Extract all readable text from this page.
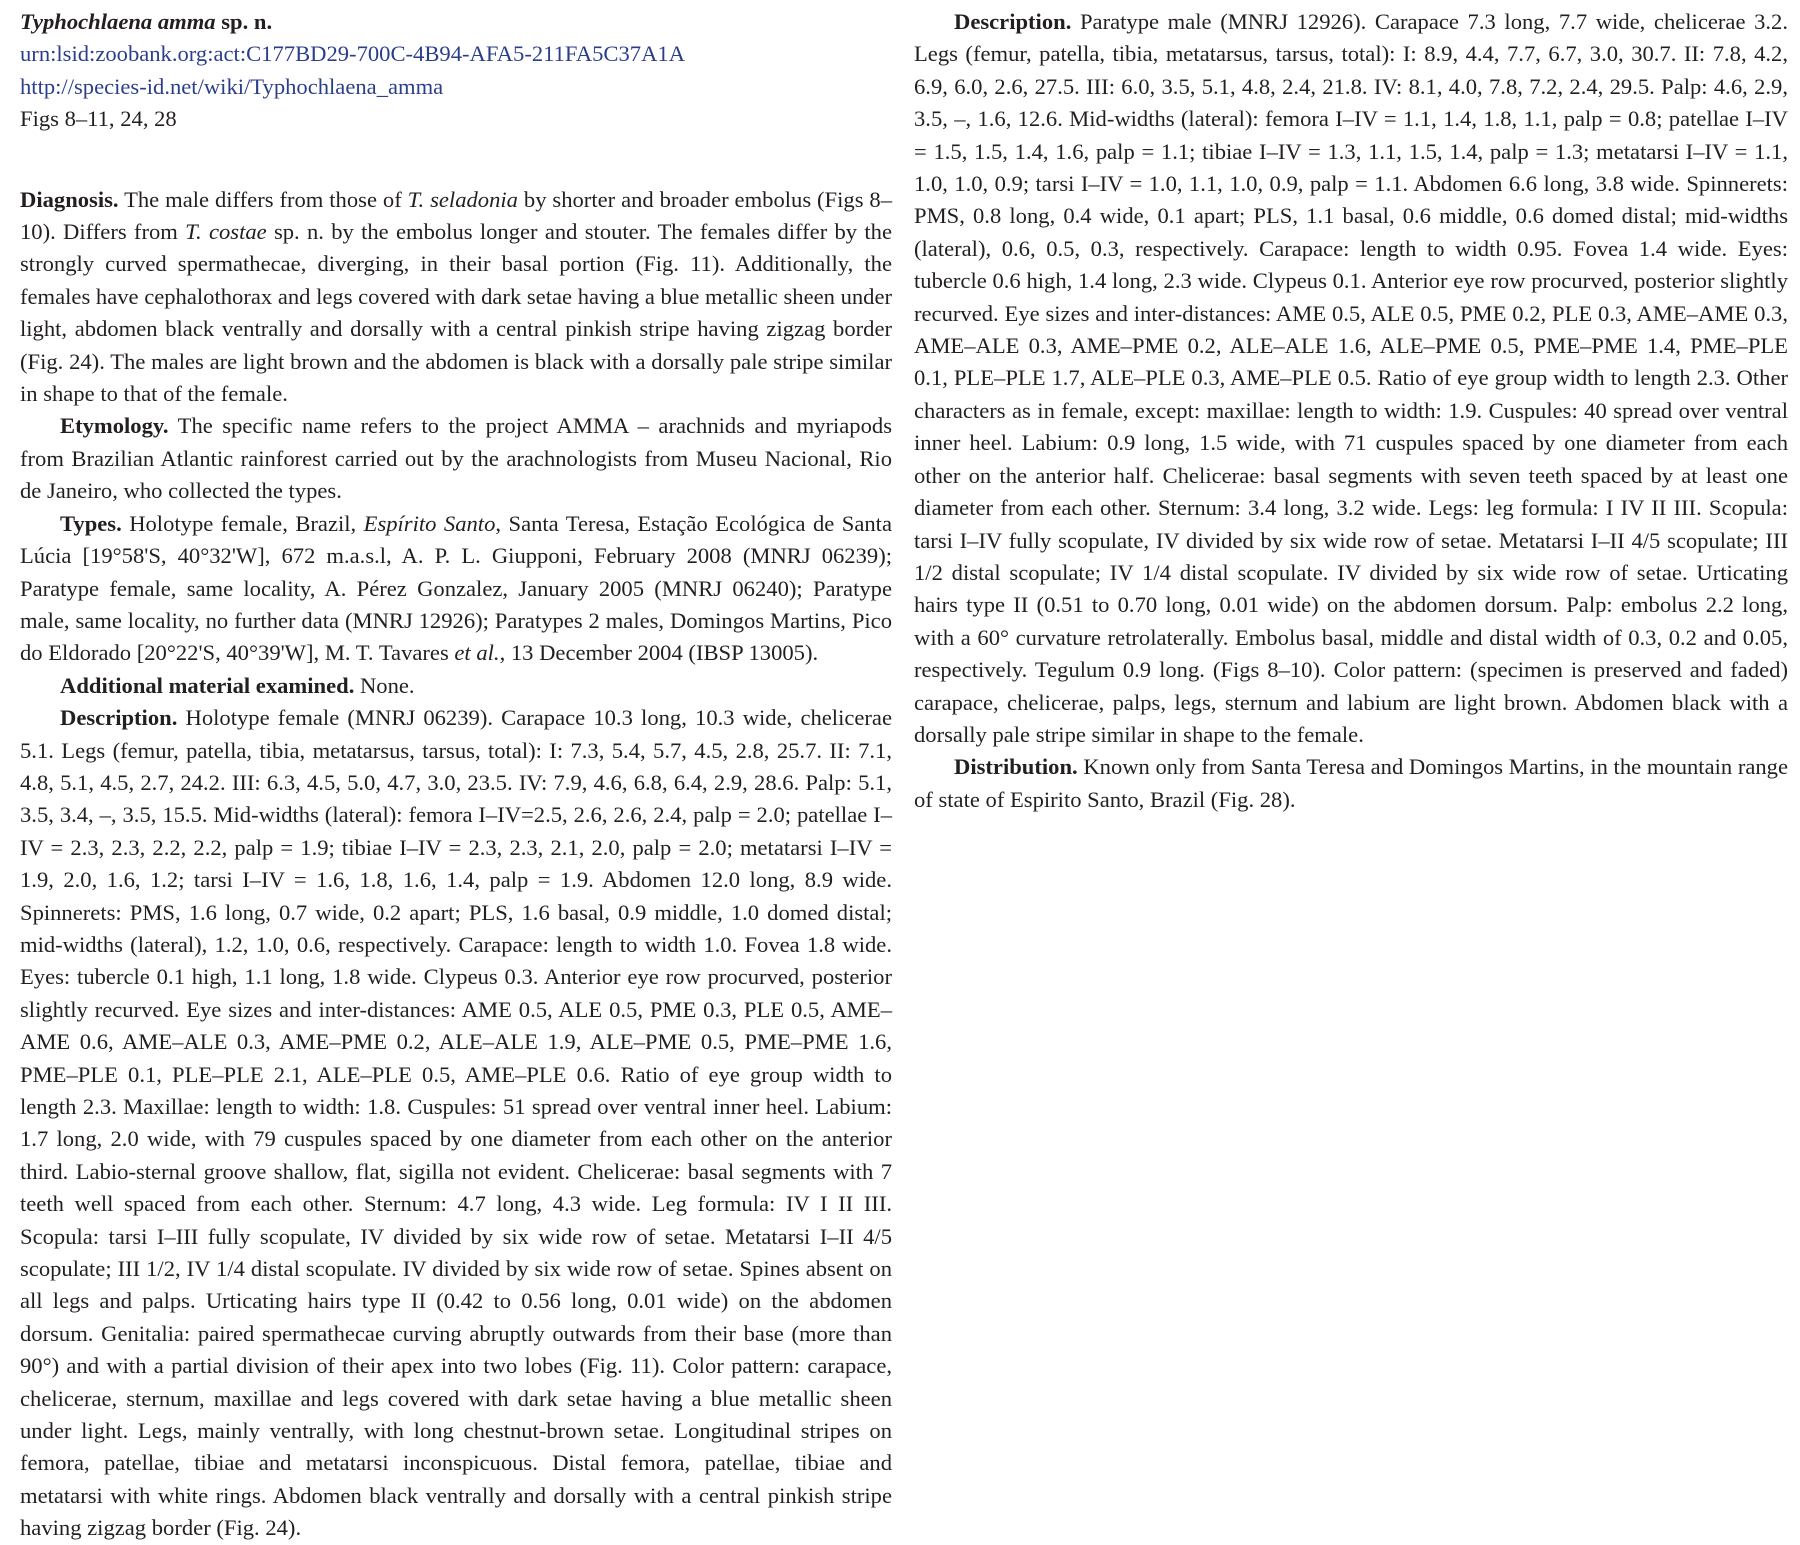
Typhochlaena amma sp. n.

urn:lsid:zoobank.org:act:C177BD29-700C-4B94-AFA5-211FA5C37A1A

http://species-id.net/wiki/Typhochlaena_amma

Figs 8–11, 24, 28

Diagnosis. The male differs from those of T. seladonia by shorter and broader embolus (Figs 8–10). Differs from T. costae sp. n. by the embolus longer and stouter. The females differ by the strongly curved spermathecae, diverging, in their basal portion (Fig. 11). Additionally, the females have cephalothorax and legs covered with dark setae having a blue metallic sheen under light, abdomen black ventrally and dorsally with a central pinkish stripe having zigzag border (Fig. 24). The males are light brown and the abdomen is black with a dorsally pale stripe similar in shape to that of the female.

Etymology. The specific name refers to the project AMMA – arachnids and myriapods from Brazilian Atlantic rainforest carried out by the arachnologists from Museu Nacional, Rio de Janeiro, who collected the types.

Types. Holotype female, Brazil, Espírito Santo, Santa Teresa, Estação Ecológica de Santa Lúcia [19°58'S, 40°32'W], 672 m.a.s.l, A. P. L. Giupponi, February 2008 (MNRJ 06239); Paratype female, same locality, A. Pérez Gonzalez, January 2005 (MNRJ 06240); Paratype male, same locality, no further data (MNRJ 12926); Paratypes 2 males, Domingos Martins, Pico do Eldorado [20°22'S, 40°39'W], M. T. Tavares et al., 13 December 2004 (IBSP 13005).

Additional material examined. None.

Description. Holotype female (MNRJ 06239). Carapace 10.3 long, 10.3 wide, chelicerae 5.1. Legs (femur, patella, tibia, metatarsus, tarsus, total): I: 7.3, 5.4, 5.7, 4.5, 2.8, 25.7. II: 7.1, 4.8, 5.1, 4.5, 2.7, 24.2. III: 6.3, 4.5, 5.0, 4.7, 3.0, 23.5. IV: 7.9, 4.6, 6.8, 6.4, 2.9, 28.6. Palp: 5.1, 3.5, 3.4, –, 3.5, 15.5. Mid-widths (lateral): femora I–IV=2.5, 2.6, 2.6, 2.4, palp = 2.0; patellae I–IV = 2.3, 2.3, 2.2, 2.2, palp = 1.9; tibiae I–IV = 2.3, 2.3, 2.1, 2.0, palp = 2.0; metatarsi I–IV = 1.9, 2.0, 1.6, 1.2; tarsi I–IV = 1.6, 1.8, 1.6, 1.4, palp = 1.9. Abdomen 12.0 long, 8.9 wide. Spinnerets: PMS, 1.6 long, 0.7 wide, 0.2 apart; PLS, 1.6 basal, 0.9 middle, 1.0 domed distal; mid-widths (lateral), 1.2, 1.0, 0.6, respectively. Carapace: length to width 1.0. Fovea 1.8 wide. Eyes: tubercle 0.1 high, 1.1 long, 1.8 wide. Clypeus 0.3. Anterior eye row procurved, posterior slightly recurved. Eye sizes and inter-distances: AME 0.5, ALE 0.5, PME 0.3, PLE 0.5, AME–AME 0.6, AME–ALE 0.3, AME–PME 0.2, ALE–ALE 1.9, ALE–PME 0.5, PME–PME 1.6, PME–PLE 0.1, PLE–PLE 2.1, ALE–PLE 0.5, AME–PLE 0.6. Ratio of eye group width to length 2.3. Maxillae: length to width: 1.8. Cuspules: 51 spread over ventral inner heel. Labium: 1.7 long, 2.0 wide, with 79 cuspules spaced by one diameter from each other on the anterior third. Labio-sternal groove shallow, flat, sigilla not evident. Chelicerae: basal segments with 7 teeth well spaced from each other. Sternum: 4.7 long, 4.3 wide. Leg formula: IV I II III. Scopula: tarsi I–III fully scopulate, IV divided by six wide row of setae. Metatarsi I–II 4/5 scopulate; III 1/2, IV 1/4 distal scopulate. IV divided by six wide row of setae. Spines absent on all legs and palps. Urticating hairs type II (0.42 to 0.56 long, 0.01 wide) on the abdomen dorsum. Genitalia: paired spermathecae curving abruptly outwards from their base (more than 90°) and with a partial division of their apex into two lobes (Fig. 11). Color pattern: carapace, chelicerae, sternum, maxillae and legs covered with dark setae having a blue metallic sheen under light. Legs, mainly ventrally, with long chestnut-brown setae. Longitudinal stripes on femora, patellae, tibiae and metatarsi inconspicuous. Distal femora, patellae, tibiae and metatarsi with white rings. Abdomen black ventrally and dorsally with a central pinkish stripe having zigzag border (Fig. 24).

Description. Paratype male (MNRJ 12926). Carapace 7.3 long, 7.7 wide, chelicerae 3.2. Legs (femur, patella, tibia, metatarsus, tarsus, total): I: 8.9, 4.4, 7.7, 6.7, 3.0, 30.7. II: 7.8, 4.2, 6.9, 6.0, 2.6, 27.5. III: 6.0, 3.5, 5.1, 4.8, 2.4, 21.8. IV: 8.1, 4.0, 7.8, 7.2, 2.4, 29.5. Palp: 4.6, 2.9, 3.5, –, 1.6, 12.6. Mid-widths (lateral): femora I–IV = 1.1, 1.4, 1.8, 1.1, palp = 0.8; patellae I–IV = 1.5, 1.5, 1.4, 1.6, palp = 1.1; tibiae I–IV = 1.3, 1.1, 1.5, 1.4, palp = 1.3; metatarsi I–IV = 1.1, 1.0, 1.0, 0.9; tarsi I–IV = 1.0, 1.1, 1.0, 0.9, palp = 1.1. Abdomen 6.6 long, 3.8 wide. Spinnerets: PMS, 0.8 long, 0.4 wide, 0.1 apart; PLS, 1.1 basal, 0.6 middle, 0.6 domed distal; mid-widths (lateral), 0.6, 0.5, 0.3, respectively. Carapace: length to width 0.95. Fovea 1.4 wide. Eyes: tubercle 0.6 high, 1.4 long, 2.3 wide. Clypeus 0.1. Anterior eye row procurved, posterior slightly recurved. Eye sizes and inter-distances: AME 0.5, ALE 0.5, PME 0.2, PLE 0.3, AME–AME 0.3, AME–ALE 0.3, AME–PME 0.2, ALE–ALE 1.6, ALE–PME 0.5, PME–PME 1.4, PME–PLE 0.1, PLE–PLE 1.7, ALE–PLE 0.3, AME–PLE 0.5. Ratio of eye group width to length 2.3. Other characters as in female, except: maxillae: length to width: 1.9. Cuspules: 40 spread over ventral inner heel. Labium: 0.9 long, 1.5 wide, with 71 cuspules spaced by one diameter from each other on the anterior half. Chelicerae: basal segments with seven teeth spaced by at least one diameter from each other. Sternum: 3.4 long, 3.2 wide. Legs: leg formula: I IV II III. Scopula: tarsi I–IV fully scopulate, IV divided by six wide row of setae. Metatarsi I–II 4/5 scopulate; III 1/2 distal scopulate; IV 1/4 distal scopulate. IV divided by six wide row of setae. Urticating hairs type II (0.51 to 0.70 long, 0.01 wide) on the abdomen dorsum. Palp: embolus 2.2 long, with a 60° curvature retrolaterally. Embolus basal, middle and distal width of 0.3, 0.2 and 0.05, respectively. Tegulum 0.9 long. (Figs 8–10). Color pattern: (specimen is preserved and faded) carapace, chelicerae, palps, legs, sternum and labium are light brown. Abdomen black with a dorsally pale stripe similar in shape to the female.

Distribution. Known only from Santa Teresa and Domingos Martins, in the mountain range of state of Espirito Santo, Brazil (Fig. 28).
